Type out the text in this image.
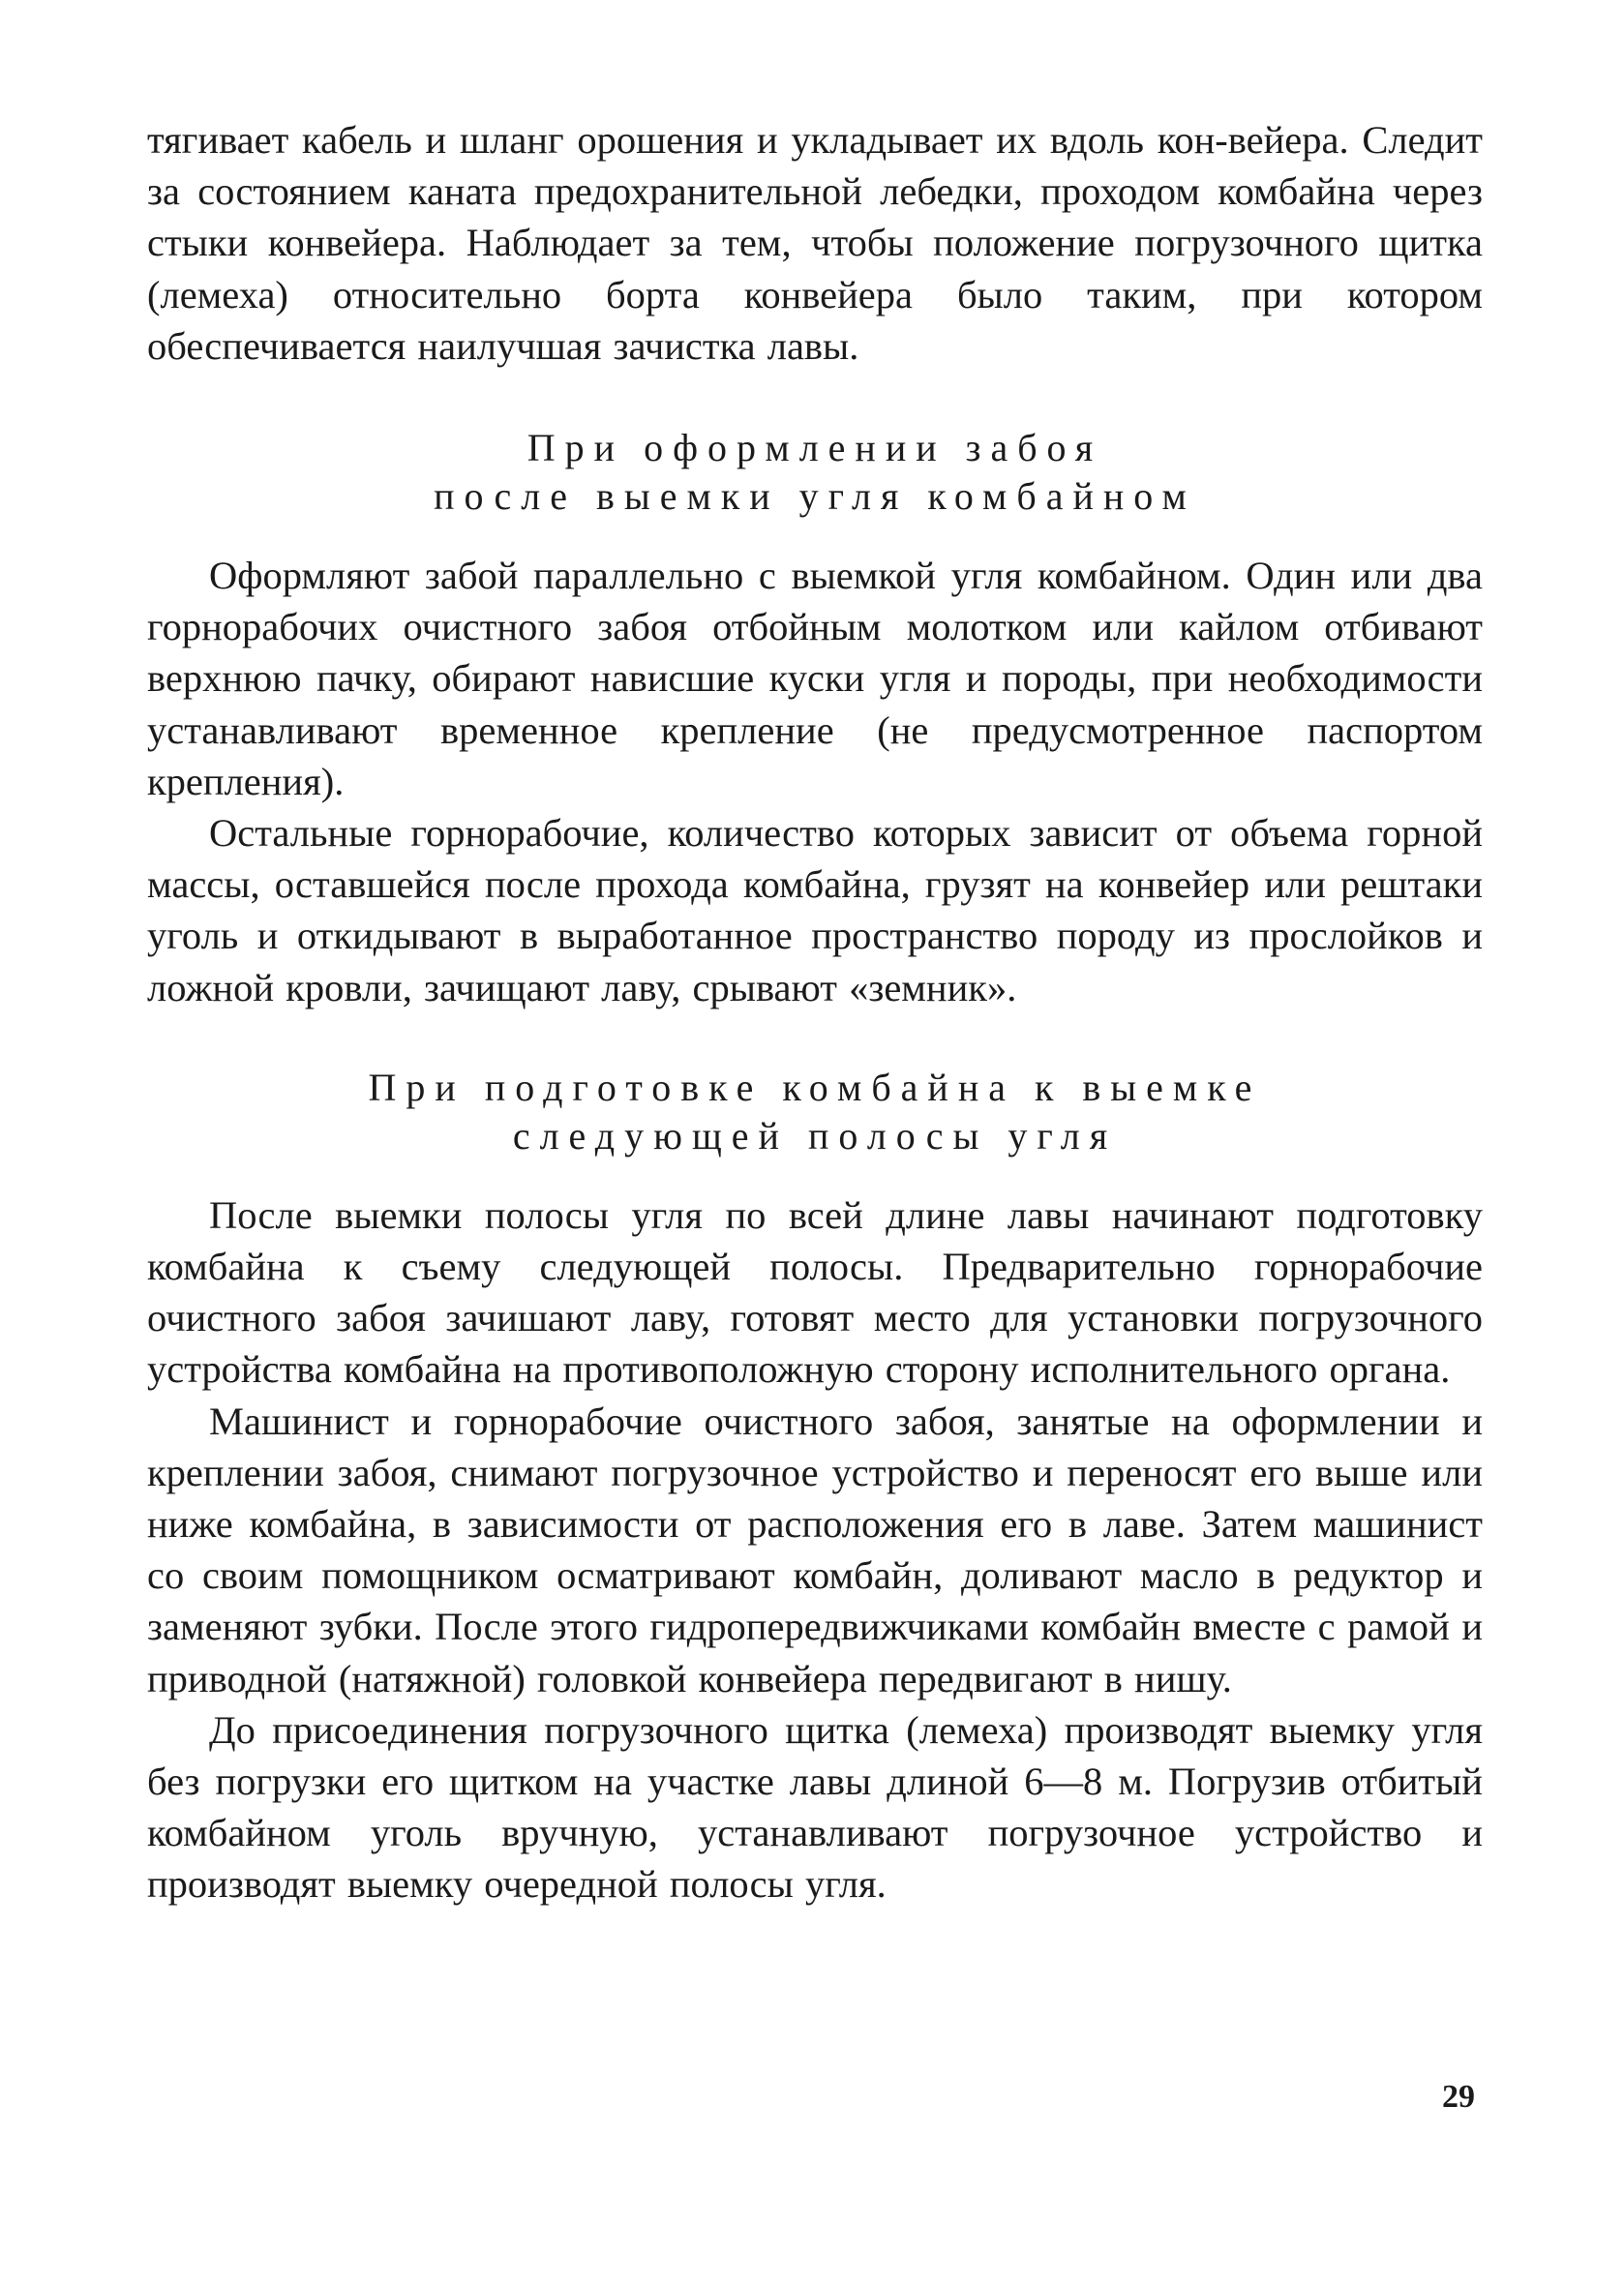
тягивает кабель и шланг орошения и укладывает их вдоль кон-вейера. Следит за состоянием каната предохранительной лебедки, проходом комбайна через стыки конвейера. Наблюдает за тем, чтобы положение погрузочного щитка (лемеха) относительно борта конвейера было таким, при котором обеспечивается наилучшая зачистка лавы.

При оформлении забоя
после выемки угля комбайном

Оформляют забой параллельно с выемкой угля комбайном. Один или два горнорабочих очистного забоя отбойным молотком или кайлом отбивают верхнюю пачку, обирают нависшие куски угля и породы, при необходимости устанавливают временное крепление (не предусмотренное паспортом крепления).

Остальные горнорабочие, количество которых зависит от объема горной массы, оставшейся после прохода комбайна, грузят на конвейер или рештаки уголь и откидывают в выработанное пространство породу из прослойков и ложной кровли, зачищают лаву, срывают «земник».

При подготовке комбайна к выемке
следующей полосы угля

После выемки полосы угля по всей длине лавы начинают подготовку комбайна к съему следующей полосы. Предварительно горнорабочие очистного забоя зачишают лаву, готовят место для установки погрузочного устройства комбайна на противоположную сторону исполнительного органа.

Машинист и горнорабочие очистного забоя, занятые на оформлении и креплении забоя, снимают погрузочное устройство и переносят его выше или ниже комбайна, в зависимости от расположения его в лаве. Затем машинист со своим помощником осматривают комбайн, доливают масло в редуктор и заменяют зубки. После этого гидропередвижчиками комбайн вместе с рамой и приводной (натяжной) головкой конвейера передвигают в нишу.

До присоединения погрузочного щитка (лемеха) производят выемку угля без погрузки его щитком на участке лавы длиной 6—8 м. Погрузив отбитый комбайном уголь вручную, устанавливают погрузочное устройство и производят выемку очередной полосы угля.

29
